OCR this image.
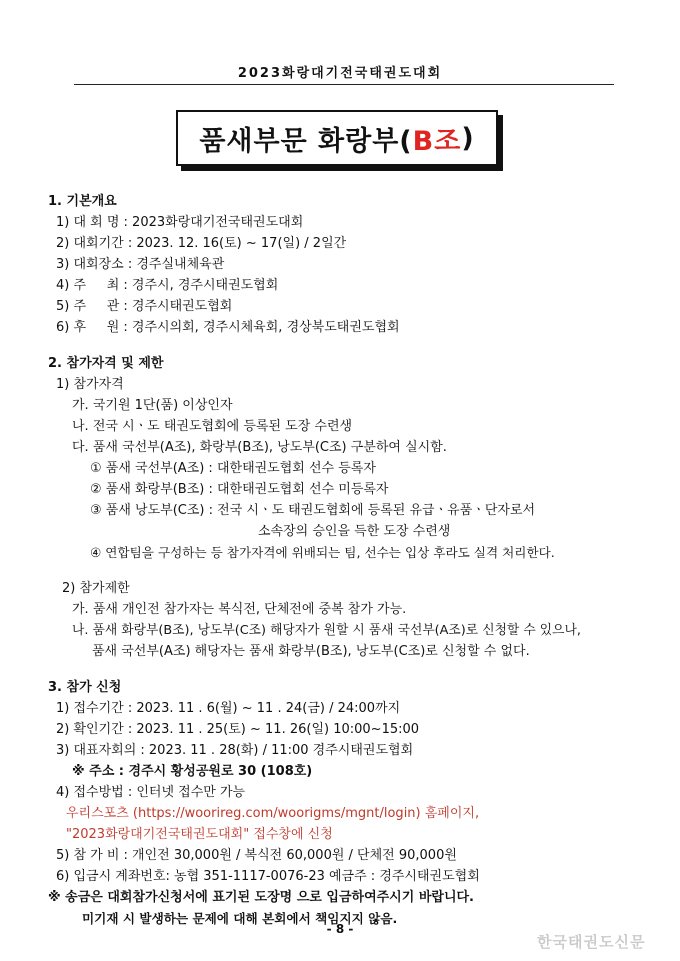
2023화랑대기전국태권도대회
품새부문 화랑부( B조 )
1. 기본개요
1) 대 회 명 : 2023화랑대기전국태권도대회
2) 대회기간 : 2023. 12. 16(토) ~ 17(일) / 2일간
3) 대회장소 : 경주실내체육관
4) 주     최 : 경주시, 경주시태권도협회
5) 주     관 : 경주시태권도협회
6) 후     원 : 경주시의회, 경주시체육회, 경상북도태권도협회
2. 참가자격 및 제한
1) 참가자격
가. 국기원 1단(품) 이상인자
나. 전국 시ㆍ도 태권도협회에 등록된 도장 수련생
다. 품새 국선부(A조), 화랑부(B조), 낭도부(C조) 구분하여 실시함.
① 품새 국선부(A조) : 대한태권도협회 선수 등록자
② 품새 화랑부(B조) : 대한태권도협회 선수 미등록자
③ 품새 낭도부(C조) : 전국 시ㆍ도 태권도협회에 등록된 유급ㆍ유품ㆍ단자로서
소속장의 승인을 득한 도장 수련생
④ 연합팀을 구성하는 등 참가자격에 위배되는 팀, 선수는 입상 후라도 실격 처리한다.
2) 참가제한
가. 품새 개인전 참가자는 복식전, 단체전에 중복 참가 가능.
나. 품새 화랑부(B조), 낭도부(C조) 해당자가 원할 시 품새 국선부(A조)로 신청할 수 있으나,
품새 국선부(A조) 해당자는 품새 화랑부(B조), 낭도부(C조)로 신청할 수 없다.
3. 참가 신청
1) 접수기간 : 2023. 11 . 6(월) ~ 11 . 24(금) / 24:00까지
2) 확인기간 : 2023. 11 . 25(토) ~ 11. 26(일) 10:00~15:00
3) 대표자회의 : 2023. 11 . 28(화) / 11:00 경주시태권도협회
※ 주소 : 경주시 황성공원로 30 (108호)
4) 접수방법 : 인터넷 접수만 가능
우리스포츠 (https://woorireg.com/woorigms/mgnt/login) 홈페이지,
"2023화랑대기전국태권도대회" 접수창에 신청
5) 참 가 비 : 개인전 30,000원 / 복식전 60,000원 / 단체전 90,000원
6) 입금시 계좌번호: 농협 351-1117-0076-23 예금주 : 경주시태권도협회
※ 송금은 대회참가신청서에 표기된 도장명 으로 입금하여주시기 바랍니다.
미기재 시 발생하는 문제에 대해 본회에서 책임지지 않음.
- 8 -
한국태권도신문
